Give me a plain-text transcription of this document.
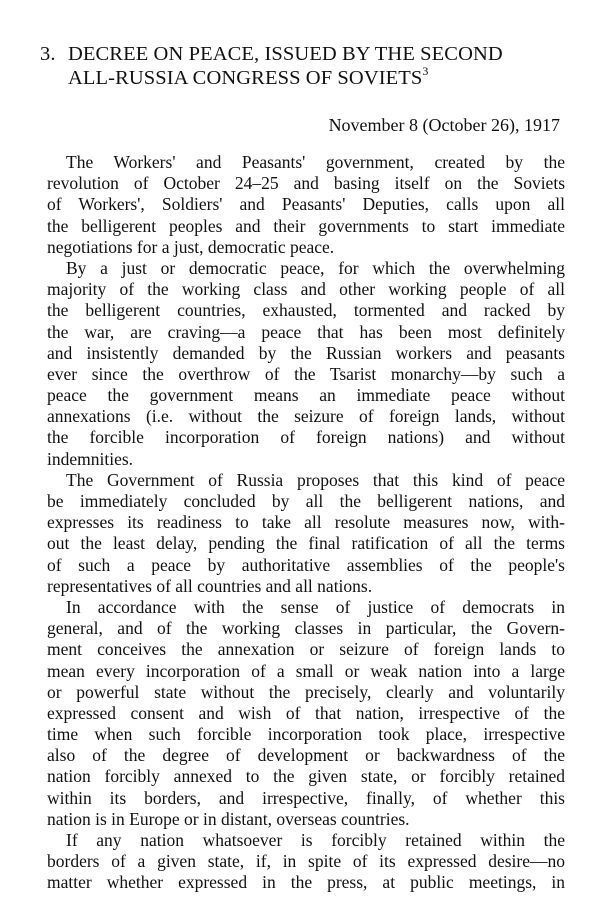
3. DECREE ON PEACE, ISSUED BY THE SECOND
ALL-RUSSIA CONGRESS OF SOVIETS$^3$
November 8 (October 26), 1917
The Workers' and Peasants' government, created by the
revolution of October 24–25 and basing itself on the Soviets
of Workers', Soldiers' and Peasants' Deputies, calls upon all
the belligerent peoples and their governments to start immediate
negotiations for a just, democratic peace.
By a just or democratic peace, for which the overwhelming
majority of the working class and other working people of all
the belligerent countries, exhausted, tormented and racked by
the war, are craving—a peace that has been most definitely
and insistently demanded by the Russian workers and peasants
ever since the overthrow of the Tsarist monarchy—by such a
peace the government means an immediate peace without
annexations (i.e. without the seizure of foreign lands, without
the forcible incorporation of foreign nations) and without
indemnities.
The Government of Russia proposes that this kind of peace
be immediately concluded by all the belligerent nations, and
expresses its readiness to take all resolute measures now, with-
out the least delay, pending the final ratification of all the terms
of such a peace by authoritative assemblies of the people's
representatives of all countries and all nations.
In accordance with the sense of justice of democrats in
general, and of the working classes in particular, the Govern-
ment conceives the annexation or seizure of foreign lands to
mean every incorporation of a small or weak nation into a large
or powerful state without the precisely, clearly and voluntarily
expressed consent and wish of that nation, irrespective of the
time when such forcible incorporation took place, irrespective
also of the degree of development or backwardness of the
nation forcibly annexed to the given state, or forcibly retained
within its borders, and irrespective, finally, of whether this
nation is in Europe or in distant, overseas countries.
If any nation whatsoever is forcibly retained within the
borders of a given state, if, in spite of its expressed desire—no
matter whether expressed in the press, at public meetings, in
